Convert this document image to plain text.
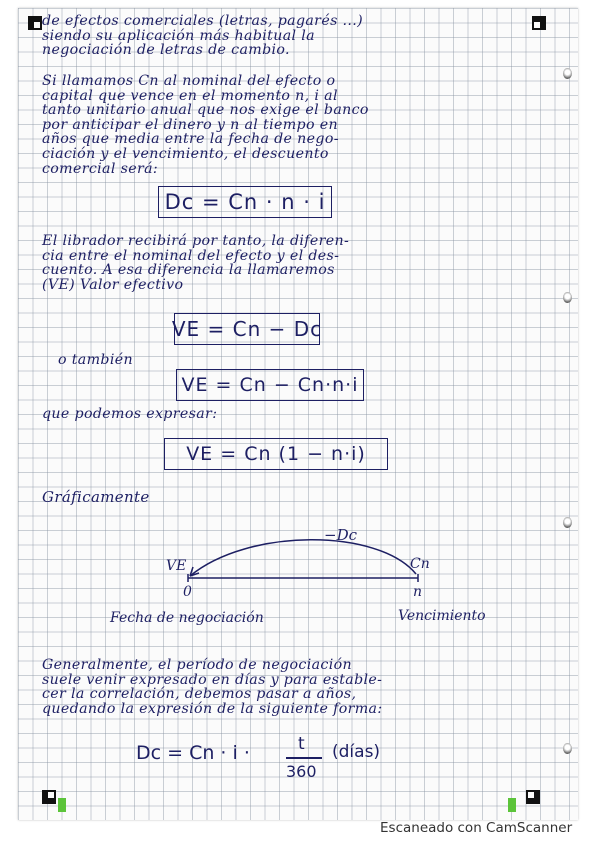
de efectos comerciales (letras, pagarés ...)
siendo su aplicación más habitual la
negociación de letras de cambio.
Si llamamos Cn al nominal del efecto o
capital que vence en el momento n, i al
tanto unitario anual que nos exige el banco
por anticipar el dinero y n al tiempo en
años que media entre la fecha de nego-
ciación y el vencimiento, el descuento
comercial será:
Dc = Cn · n · i
El librador recibirá por tanto, la diferen-
cia entre el nominal del efecto y el des-
cuento. A esa diferencia la llamaremos
(VE) Valor efectivo
VE = Cn − Dc
o también
VE = Cn − Cn·n·i
que podemos expresar:
VE = Cn (1 − n·i)
Gráficamente
−Dc
VE	Cn
0	n
Fecha de negociación	Vencimiento
Generalmente, el período de negociación
suele venir expresado en días y para estable-
cer la correlación, debemos pasar a años,
quedando la expresión de la siguiente forma:
Dc = Cn · i ·	t
360
(días)
Escaneado con CamScanner
